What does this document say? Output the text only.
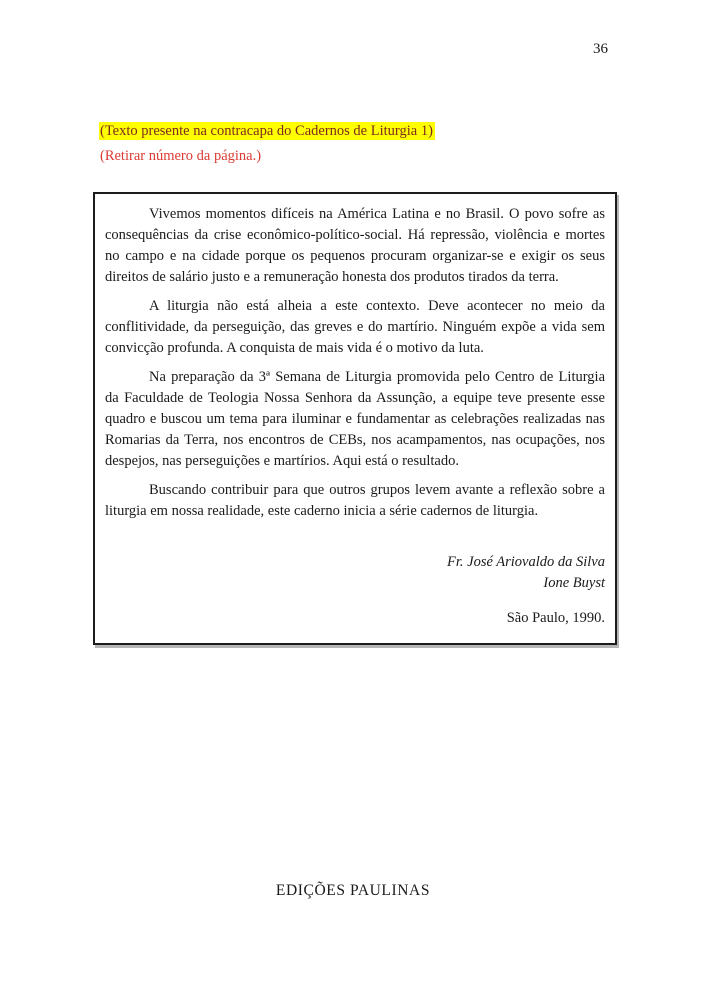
36
(Texto presente na contracapa do Cadernos de Liturgia 1)
(Retirar número da página.)

Vivemos momentos difíceis na América Latina e no Brasil. O povo sofre as consequências da crise econômico-político-social. Há repressão, violência e mortes no campo e na cidade porque os pequenos procuram organizar-se e exigir os seus direitos de salário justo e a remuneração honesta dos produtos tirados da terra.

A liturgia não está alheia a este contexto. Deve acontecer no meio da conflitividade, da perseguição, das greves e do martírio. Ninguém expõe a vida sem convicção profunda. A conquista de mais vida é o motivo da luta.

Na preparação da 3ª Semana de Liturgia promovida pelo Centro de Liturgia da Faculdade de Teologia Nossa Senhora da Assunção, a equipe teve presente esse quadro e buscou um tema para iluminar e fundamentar as celebrações realizadas nas Romarias da Terra, nos encontros de CEBs, nos acampamentos, nas ocupações, nos despejos, nas perseguições e martírios. Aqui está o resultado.

Buscando contribuir para que outros grupos levem avante a reflexão sobre a liturgia em nossa realidade, este caderno inicia a série cadernos de liturgia.

Fr. José Ariovaldo da Silva
Ione Buyst
São Paulo, 1990.
EDIÇÕES PAULINAS
